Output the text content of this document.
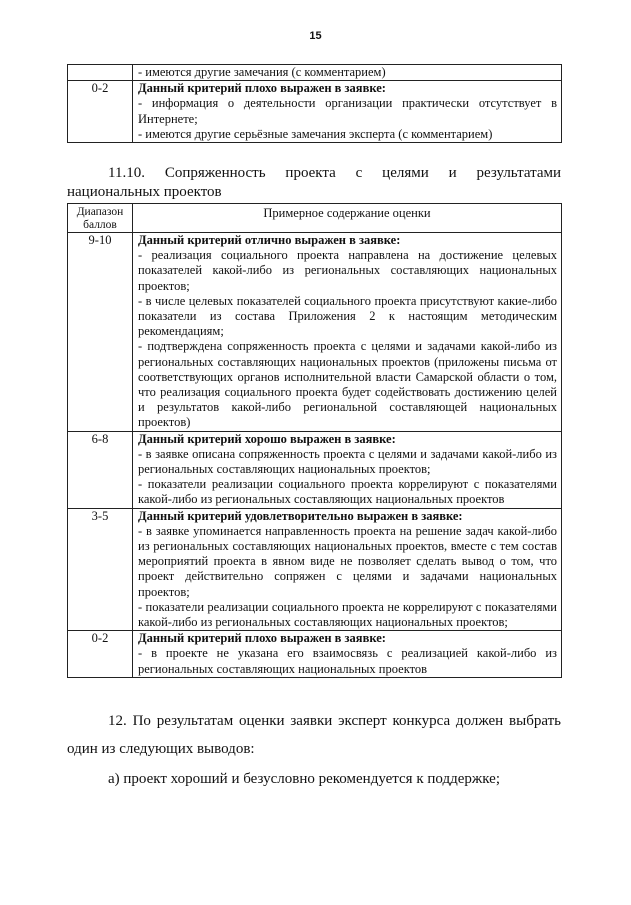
15

	- имеются другие замечания (с комментарием)

0-2	Данный критерий плохо выражен в заявке:
- информация о деятельности организации практически отсутствует в Интернете;
- имеются другие серьёзные замечания эксперта (с комментарием)
11.10. Сопряженность проекта с целями и результатами
национальных проектов
Диапазон баллов	Примерное содержание оценки
9-10	Данный критерий отлично выражен в заявке:
- реализация социального проекта направлена на достижение целевых показателей какой-либо из региональных составляющих национальных проектов;
- в числе целевых показателей социального проекта присутствуют какие-либо показатели из состава Приложения 2 к настоящим методическим рекомендациям;
- подтверждена сопряженность проекта с целями и задачами какой-либо из региональных составляющих национальных проектов (приложены письма от соответствующих органов исполнительной власти Самарской области о том, что реализация социального проекта будет содействовать достижению целей и результатов какой-либо региональной составляющей национальных проектов)

6-8	Данный критерий хорошо выражен в заявке:
- в заявке описана сопряженность проекта с целями и задачами какой-либо из региональных составляющих национальных проектов;
- показатели реализации социального проекта коррелируют с показателями какой-либо из региональных составляющих национальных проектов

3-5	Данный критерий удовлетворительно выражен в заявке:
- в заявке упоминается направленность проекта на решение задач какой-либо из региональных составляющих национальных проектов, вместе с тем состав мероприятий проекта в явном виде не позволяет сделать вывод о том, что проект действительно сопряжен с целями и задачами национальных проектов;
- показатели реализации социального проекта не коррелируют с показателями какой-либо из региональных составляющих национальных проектов;

0-2	Данный критерий плохо выражен в заявке:
- в проекте не указана его взаимосвязь с реализацией какой-либо из региональных составляющих национальных проектов
12. По результатам оценки заявки эксперт конкурса должен выбрать
один из следующих выводов:
а) проект хороший и безусловно рекомендуется к поддержке;
